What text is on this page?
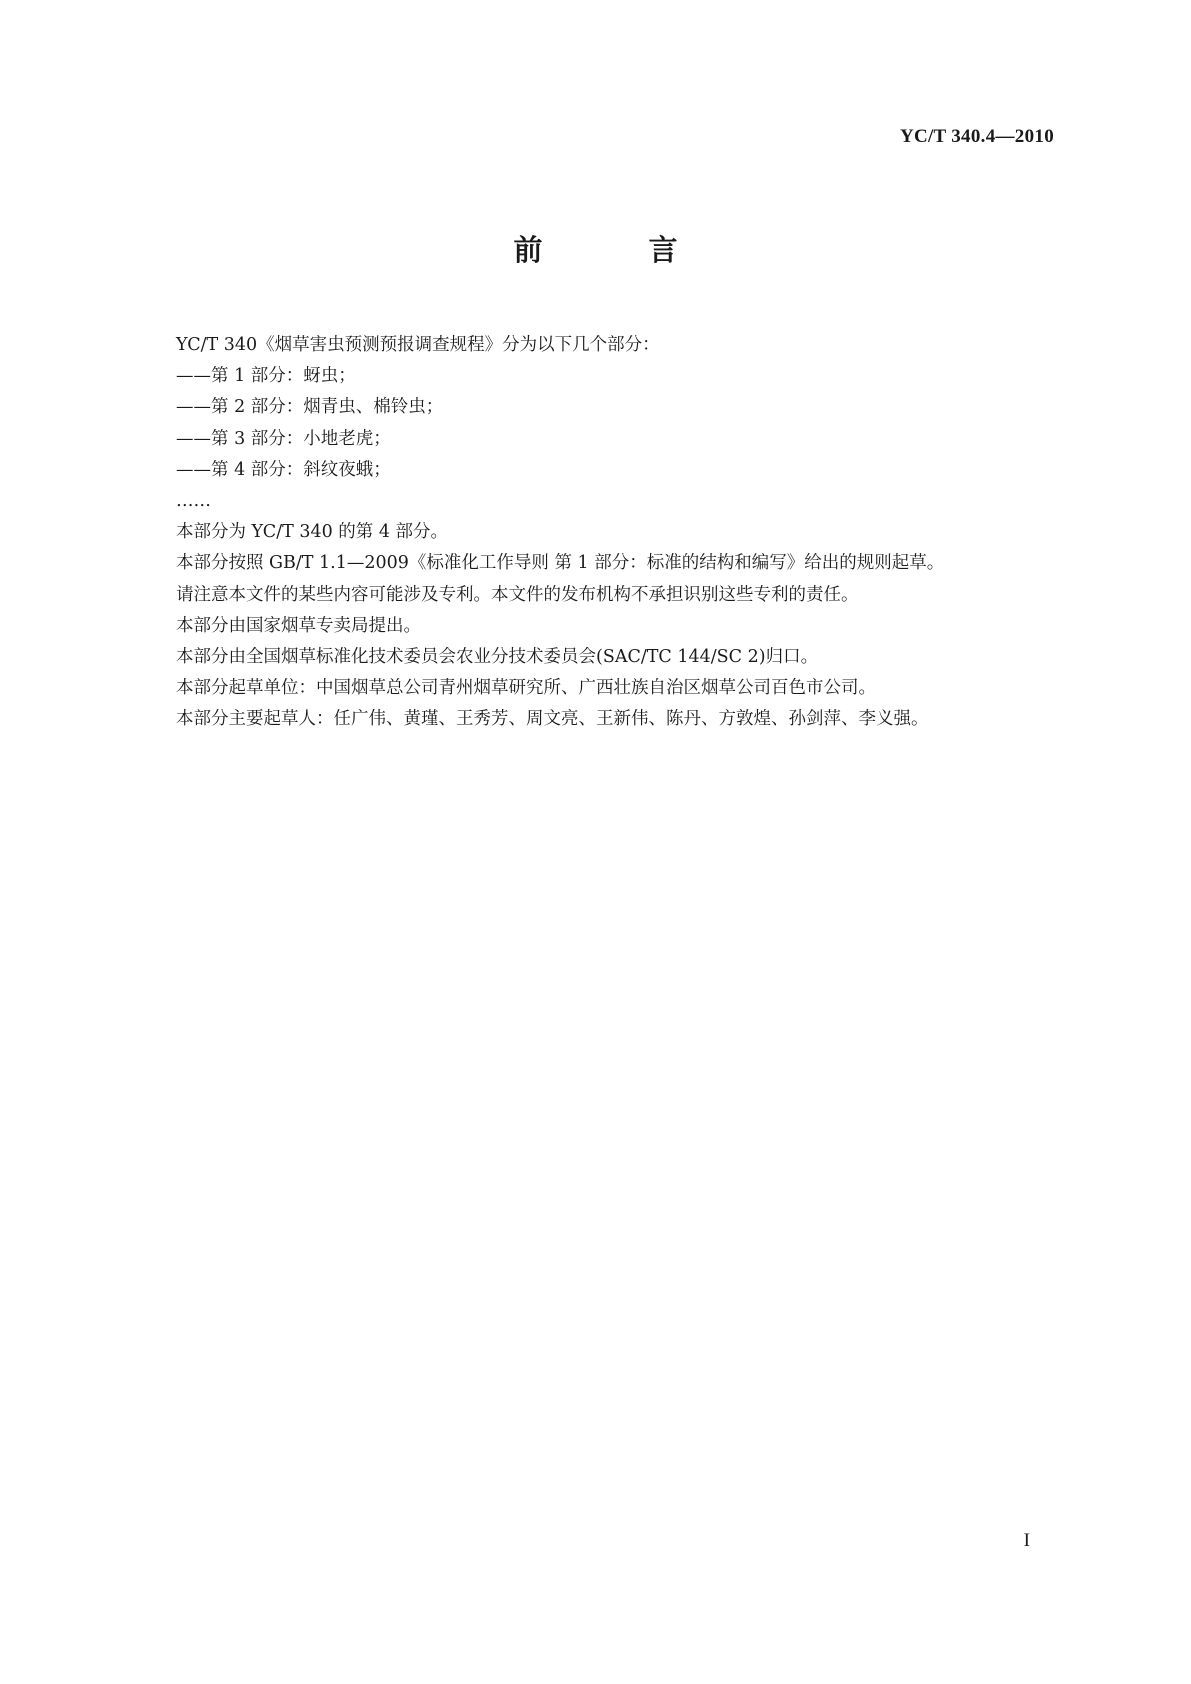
YC/T 340.4—2010
前 言
YC/T 340《烟草害虫预测预报调查规程》分为以下几个部分：
——第 1 部分：蚜虫；
——第 2 部分：烟青虫、棉铃虫；
——第 3 部分：小地老虎；
——第 4 部分：斜纹夜蛾；
……
本部分为 YC/T 340 的第 4 部分。
本部分按照 GB/T 1.1—2009《标准化工作导则 第 1 部分：标准的结构和编写》给出的规则起草。
请注意本文件的某些内容可能涉及专利。本文件的发布机构不承担识别这些专利的责任。
本部分由国家烟草专卖局提出。
本部分由全国烟草标准化技术委员会农业分技术委员会(SAC/TC 144/SC 2)归口。
本部分起草单位：中国烟草总公司青州烟草研究所、广西壮族自治区烟草公司百色市公司。
本部分主要起草人：任广伟、黄瑾、王秀芳、周文亮、王新伟、陈丹、方敦煌、孙剑萍、李义强。
I
